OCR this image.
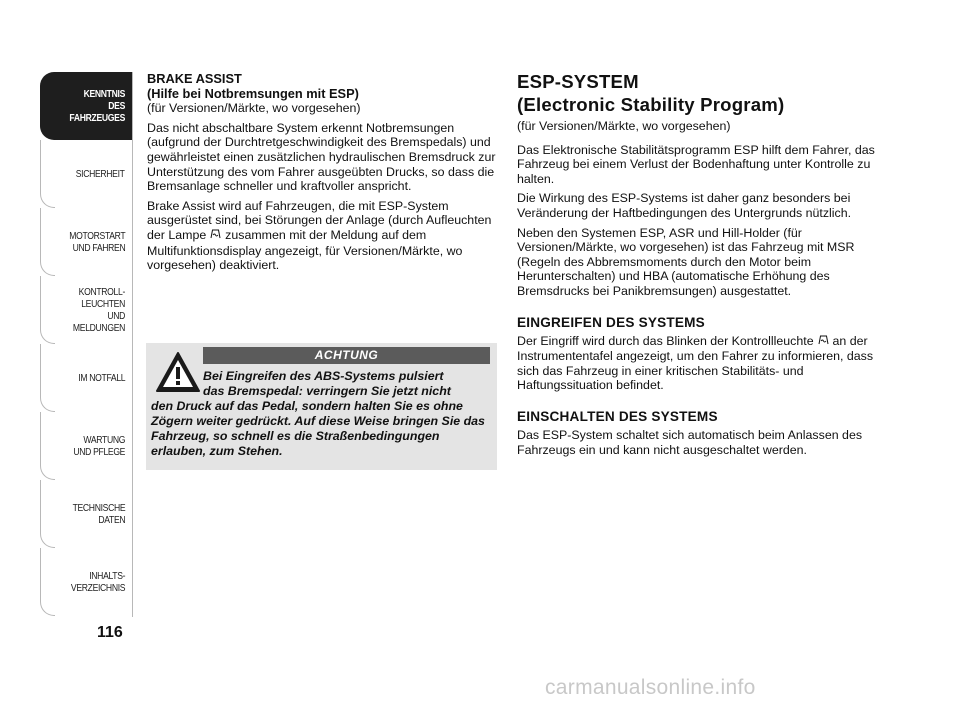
KENNTNIS
DES FAHRZEUGES
SICHERHEIT
MOTORSTART
UND FAHREN
KONTROLL-
LEUCHTEN
UND MELDUNGEN
IM NOTFALL
WARTUNG
UND PFLEGE
TECHNISCHE
DATEN
INHALTS-
VERZEICHNIS
116
BRAKE ASSIST
(Hilfe bei Notbremsungen mit ESP)
(für Versionen/Märkte, wo vorgesehen)
Das nicht abschaltbare System erkennt Notbremsungen (aufgrund der Durchtretgeschwindigkeit des Bremspedals) und gewährleistet einen zusätzlichen hydraulischen Bremsdruck zur Unterstützung des vom Fahrer ausgeübten Drucks, so dass die Bremsanlage schneller und kraftvoller anspricht.
Brake Assist wird auf Fahrzeugen, die mit ESP-System ausgerüstet sind, bei Störungen der Anlage (durch Aufleuchten der Lampe zusammen mit der Meldung auf dem Multifunktionsdisplay angezeigt, für Versionen/Märkte, wo vorgesehen) deaktiviert.
ACHTUNG
Bei Eingreifen des ABS-Systems pulsiert
das Bremspedal: verringern Sie jetzt nicht
den Druck auf das Pedal, sondern halten Sie es ohne Zögern weiter gedrückt. Auf diese Weise bringen Sie das Fahrzeug, so schnell es die Straßenbedingungen erlauben, zum Stehen.
ESP-SYSTEM
(Electronic Stability Program)
(für Versionen/Märkte, wo vorgesehen)
Das Elektronische Stabilitätsprogramm ESP hilft dem Fahrer, das Fahrzeug bei einem Verlust der Bodenhaftung unter Kontrolle zu halten.
Die Wirkung des ESP-Systems ist daher ganz besonders bei Veränderung der Haftbedingungen des Untergrunds nützlich.
Neben den Systemen ESP, ASR und Hill-Holder (für Versionen/Märkte, wo vorgesehen) ist das Fahrzeug mit MSR (Regeln des Abbremsmoments durch den Motor beim Herunterschalten) und HBA (automatische Erhöhung des Bremsdrucks bei Panikbremsungen) ausgestattet.
EINGREIFEN DES SYSTEMS
Der Eingriff wird durch das Blinken der Kontrollleuchte an der Instrumententafel angezeigt, um den Fahrer zu informieren, dass sich das Fahrzeug in einer kritischen Stabilitäts- und Haftungssituation befindet.
EINSCHALTEN DES SYSTEMS
Das ESP-System schaltet sich automatisch beim Anlassen des Fahrzeugs ein und kann nicht ausgeschaltet werden.
carmanualsonline.info
